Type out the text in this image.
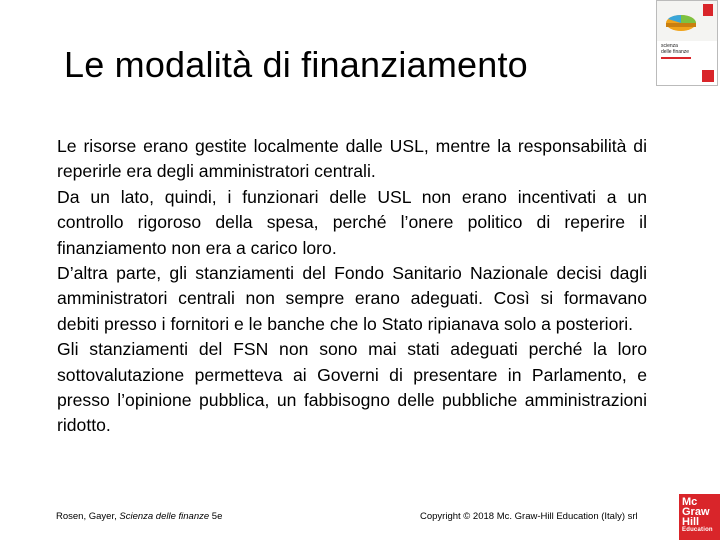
Le modalità di finanziamento

Le risorse erano gestite localmente dalle USL, mentre la responsabilità di reperirle era degli amministratori centrali.

Da un lato, quindi, i funzionari delle USL non erano incentivati a un controllo rigoroso della spesa, perché l’onere politico di reperire il finanziamento non era a carico loro.

D’altra parte, gli stanziamenti del Fondo Sanitario Nazionale decisi dagli amministratori centrali non sempre erano adeguati. Così si formavano debiti presso i fornitori e le banche che lo Stato ripianava solo a posteriori.

Gli stanziamenti del FSN non sono mai stati adeguati perché la loro sottovalutazione permetteva ai Governi di presentare in Parlamento, e presso l’opinione pubblica, un fabbisogno delle pubbliche amministrazioni ridotto.

scienza
delle finanze
Rosen, Gayer, Scienza delle finanze 5e	Copyright © 2018 Mc. Graw-Hill Education (Italy) srl
Mc
Graw
Hill
Education
